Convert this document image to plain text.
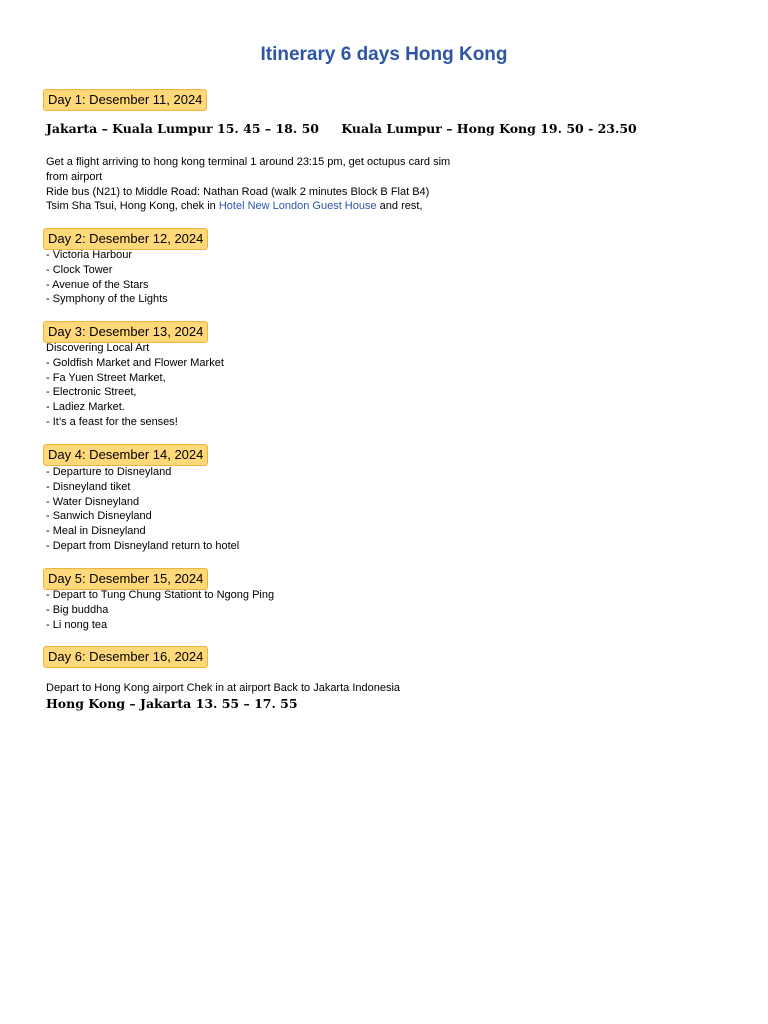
Itinerary 6 days Hong Kong
Day 1: Desember 11, 2024
Jakarta – Kuala Lumpur 15. 45 – 18. 50 Kuala Lumpur – Hong Kong 19. 50 - 23.50
Get a flight arriving to hong kong terminal 1 around 23:15 pm, get octupus card sim
from airport
Ride bus (N21) to Middle Road: Nathan Road (walk 2 minutes Block B Flat B4)
Tsim Sha Tsui, Hong Kong, chek in Hotel New London Guest House and rest,
Day 2: Desember 12, 2024
- Victoria Harbour
- Clock Tower
- Avenue of the Stars
- Symphony of the Lights
Day 3: Desember 13, 2024
Discovering Local Art
- Goldfish Market and Flower Market
- Fa Yuen Street Market,
- Electronic Street,
- Ladiez Market.
- It’s a feast for the senses!
Day 4: Desember 14, 2024
- Departure to Disneyland
- Disneyland tiket
- Water Disneyland
- Sanwich Disneyland
- Meal in Disneyland
- Depart from Disneyland return to hotel
Day 5: Desember 15, 2024
- Depart to Tung Chung Stationt to Ngong Ping
- Big buddha
- Li nong tea
Day 6: Desember 16, 2024
Depart to Hong Kong airport Chek in at airport Back to Jakarta Indonesia
Hong Kong – Jakarta 13. 55 – 17. 55
